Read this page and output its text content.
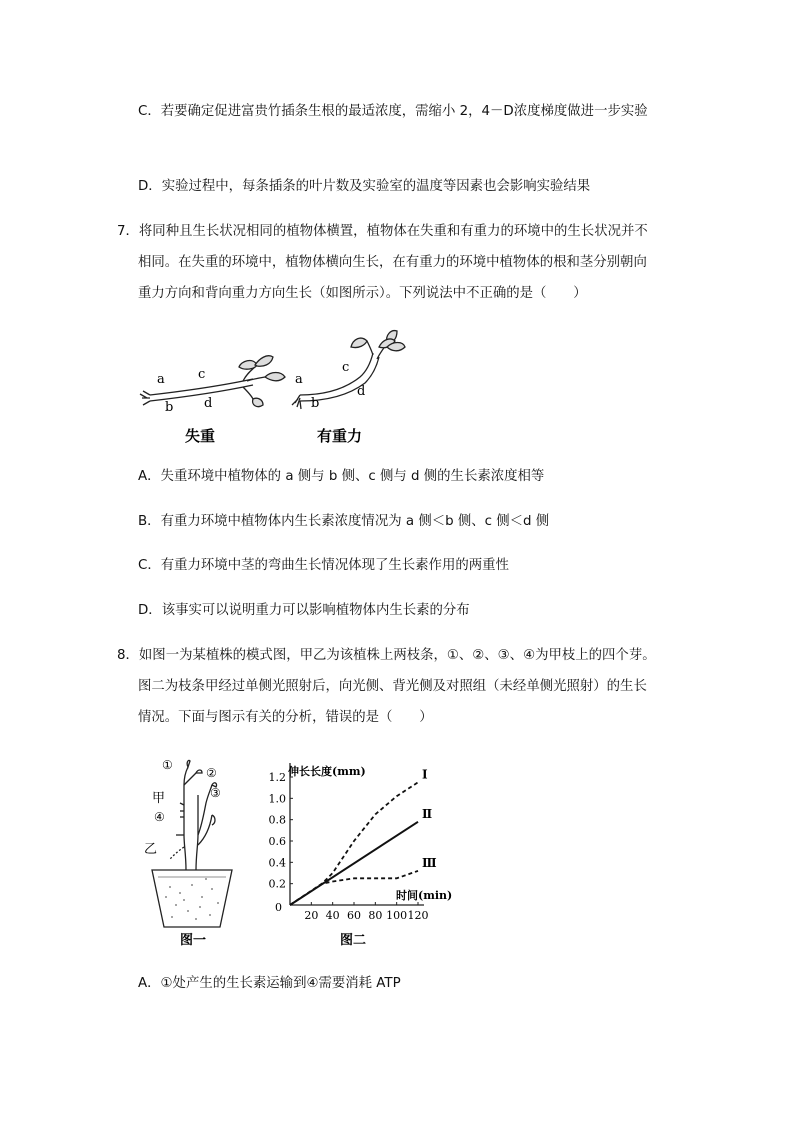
C．若要确定促进富贵竹插条生根的最适浓度，需缩小 2，4－D浓度梯度做进一步实验
D．实验过程中，每条插条的叶片数及实验室的温度等因素也会影响实验结果
7．将同种且生长状况相同的植物体横置，植物体在失重和有重力的环境中的生长状况并不
相同。在失重的环境中，植物体横向生长，在有重力的环境中植物体的根和茎分别朝向
重力方向和背向重力方向生长（如图所示）。下列说法中不正确的是（　　）
a
b
c
d
失重
a
b
c
d
有重力
A．失重环境中植物体的 a 侧与 b 侧、c 侧与 d 侧的生长素浓度相等
B．有重力环境中植物体内生长素浓度情况为 a 侧＜b 侧、c 侧＜d 侧
C．有重力环境中茎的弯曲生长情况体现了生长素作用的两重性
D．该事实可以说明重力可以影响植物体内生长素的分布
8．如图一为某植株的模式图，甲乙为该植株上两枝条，①、②、③、④为甲枝上的四个芽。
图二为枝条甲经过单侧光照射后，向光侧、背光侧及对照组（未经单侧光照射）的生长
情况。下面与图示有关的分析，错误的是（　　）
①
②
③
④
甲
乙
图一
0.2
0.4
0.6
0.8
1.0
1.2
20 40 60 80 100 120
0
伸长长度(mm)
时间(min)
Ⅰ
Ⅱ
Ⅲ
图二
A．①处产生的生长素运输到④需要消耗 ATP
